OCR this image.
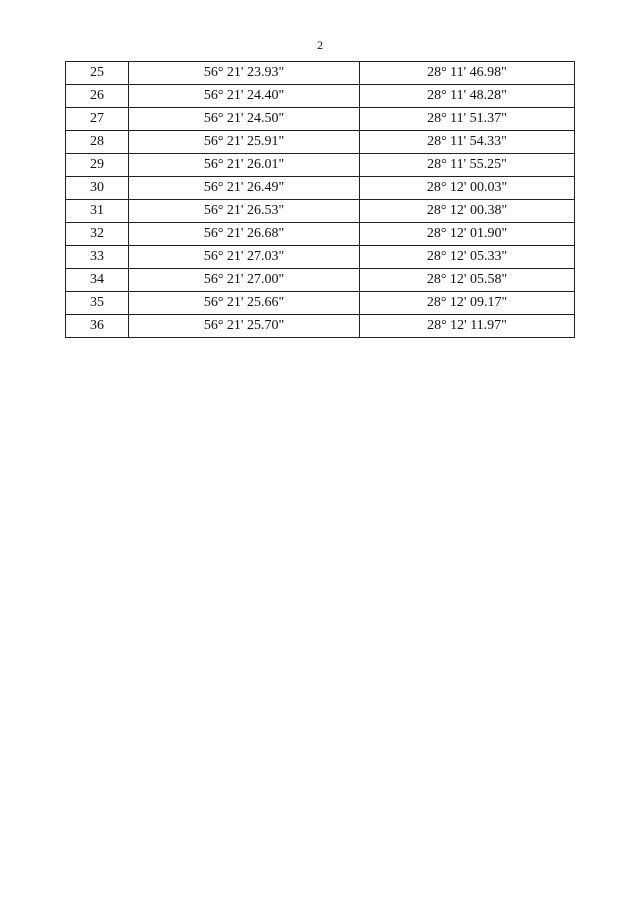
2
25	56° 21' 23.93"	28° 11' 46.98"
26	56° 21' 24.40"	28° 11' 48.28"
27	56° 21' 24.50"	28° 11' 51.37"
28	56° 21' 25.91"	28° 11' 54.33"
29	56° 21' 26.01"	28° 11' 55.25"
30	56° 21' 26.49"	28° 12' 00.03"
31	56° 21' 26.53"	28° 12' 00.38"
32	56° 21' 26.68"	28° 12' 01.90"
33	56° 21' 27.03"	28° 12' 05.33"
34	56° 21' 27.00"	28° 12' 05.58"
35	56° 21' 25.66"	28° 12' 09.17"
36	56° 21' 25.70"	28° 12' 11.97"
